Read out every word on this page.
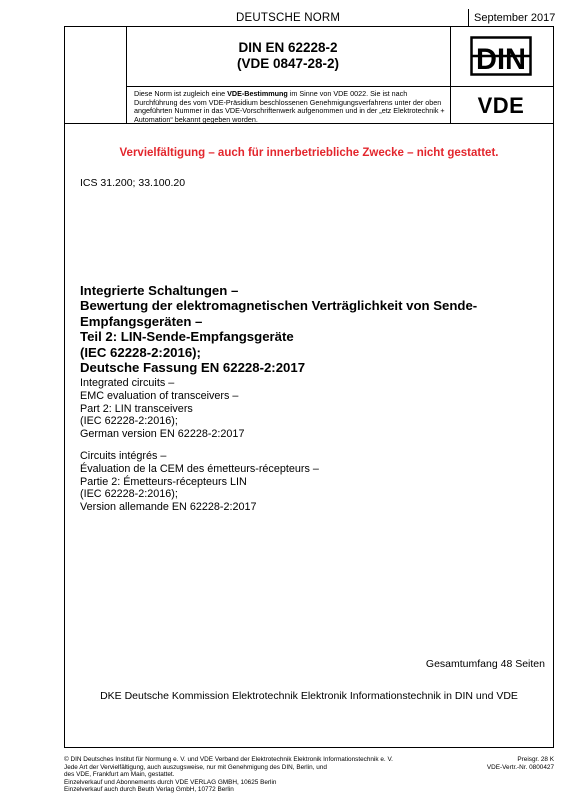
DEUTSCHE NORM	September 2017
DIN EN 62228-2
(VDE 0847-28-2)	DIN
Diese Norm ist zugleich eine VDE-Bestimmung im Sinne von VDE 0022. Sie ist nach Durchführung des vom VDE-Präsidium beschlossenen Genehmigungsverfahrens unter der oben angeführten Nummer in das VDE-Vorschriftenwerk aufgenommen und in der „etz Elektrotechnik + Automation“ bekannt gegeben worden.
VDE
Vervielfältigung – auch für innerbetriebliche Zwecke – nicht gestattet.
ICS 31.200; 33.100.20
Integrierte Schaltungen –
Bewertung der elektromagnetischen Verträglichkeit von Sende-
Empfangsgeräten –
Teil 2: LIN-Sende-Empfangsgeräte
(IEC 62228-2:2016);
Deutsche Fassung EN 62228-2:2017
Integrated circuits –
EMC evaluation of transceivers –
Part 2: LIN transceivers
(IEC 62228-2:2016);
German version EN 62228-2:2017
Circuits intégrés –
Évaluation de la CEM des émetteurs-récepteurs –
Partie 2: Émetteurs-récepteurs LIN
(IEC 62228-2:2016);
Version allemande EN 62228-2:2017
Gesamtumfang 48 Seiten
DKE Deutsche Kommission Elektrotechnik Elektronik Informationstechnik in DIN und VDE
© DIN Deutsches Institut für Normung e. V. und VDE Verband der Elektrotechnik Elektronik Informationstechnik e. V.
Jede Art der Vervielfältigung, auch auszugsweise, nur mit Genehmigung des DIN, Berlin, und
des VDE, Frankfurt am Main, gestattet.
Einzelverkauf und Abonnements durch VDE VERLAG GMBH, 10625 Berlin
Einzelverkauf auch durch Beuth Verlag GmbH, 10772 Berlin
Preisgr. 28 K
VDE-Vertr.-Nr. 0800427
